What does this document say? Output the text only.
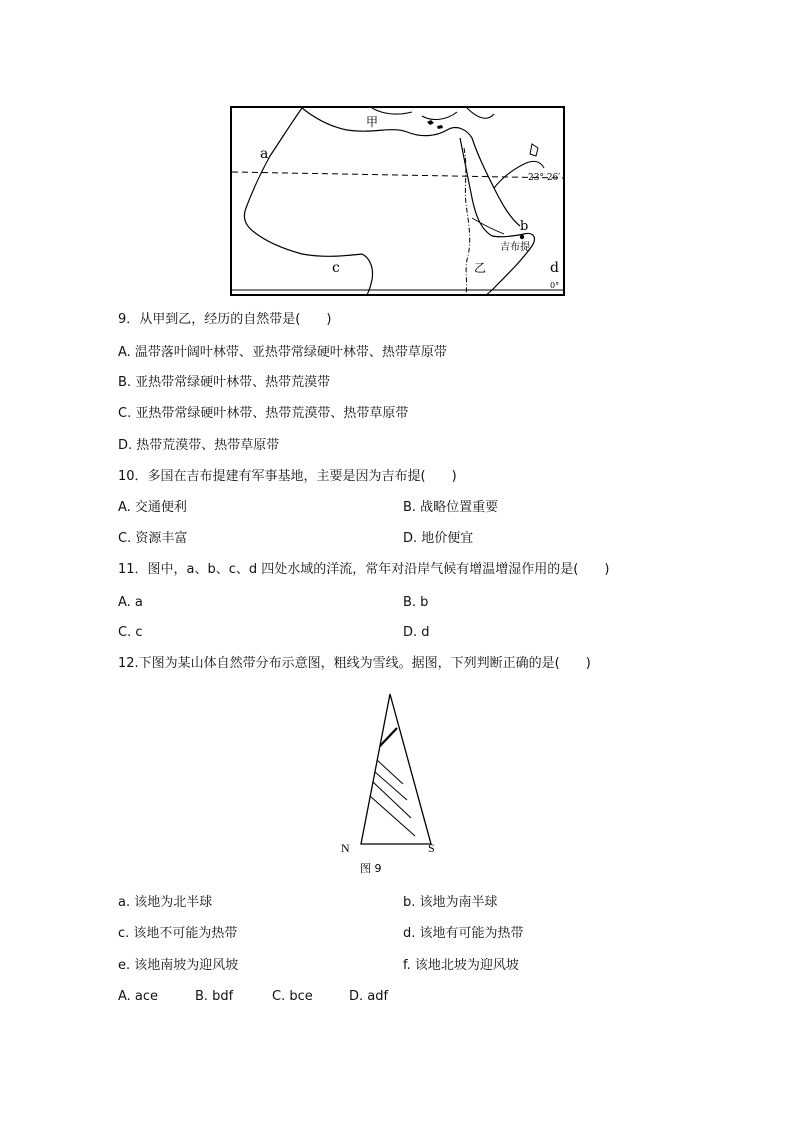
甲
a
23° 26′
b
吉布提
c	乙	d
0°
9．从甲到乙，经历的自然带是(　　)
A. 温带落叶阔叶林带、亚热带常绿硬叶林带、热带草原带
B. 亚热带常绿硬叶林带、热带荒漠带
C. 亚热带常绿硬叶林带、热带荒漠带、热带草原带
D. 热带荒漠带、热带草原带
10．多国在吉布提建有军事基地，主要是因为吉布提(　　)
A. 交通便利	B. 战略位置重要
C. 资源丰富	D. 地价便宜
11．图中，a、b、c、d 四处水域的洋流，常年对沿岸气候有增温增湿作用的是(　　)
A. a	B. b
C. c	D. d
12.下图为某山体自然带分布示意图，粗线为雪线。据图，下列判断正确的是(　　)
N	S
图 9
a. 该地为北半球	b. 该地为南半球
c. 该地不可能为热带	d. 该地有可能为热带
e. 该地南坡为迎风坡	f. 该地北坡为迎风坡
A. ace	B. bdf	C. bce	D. adf
